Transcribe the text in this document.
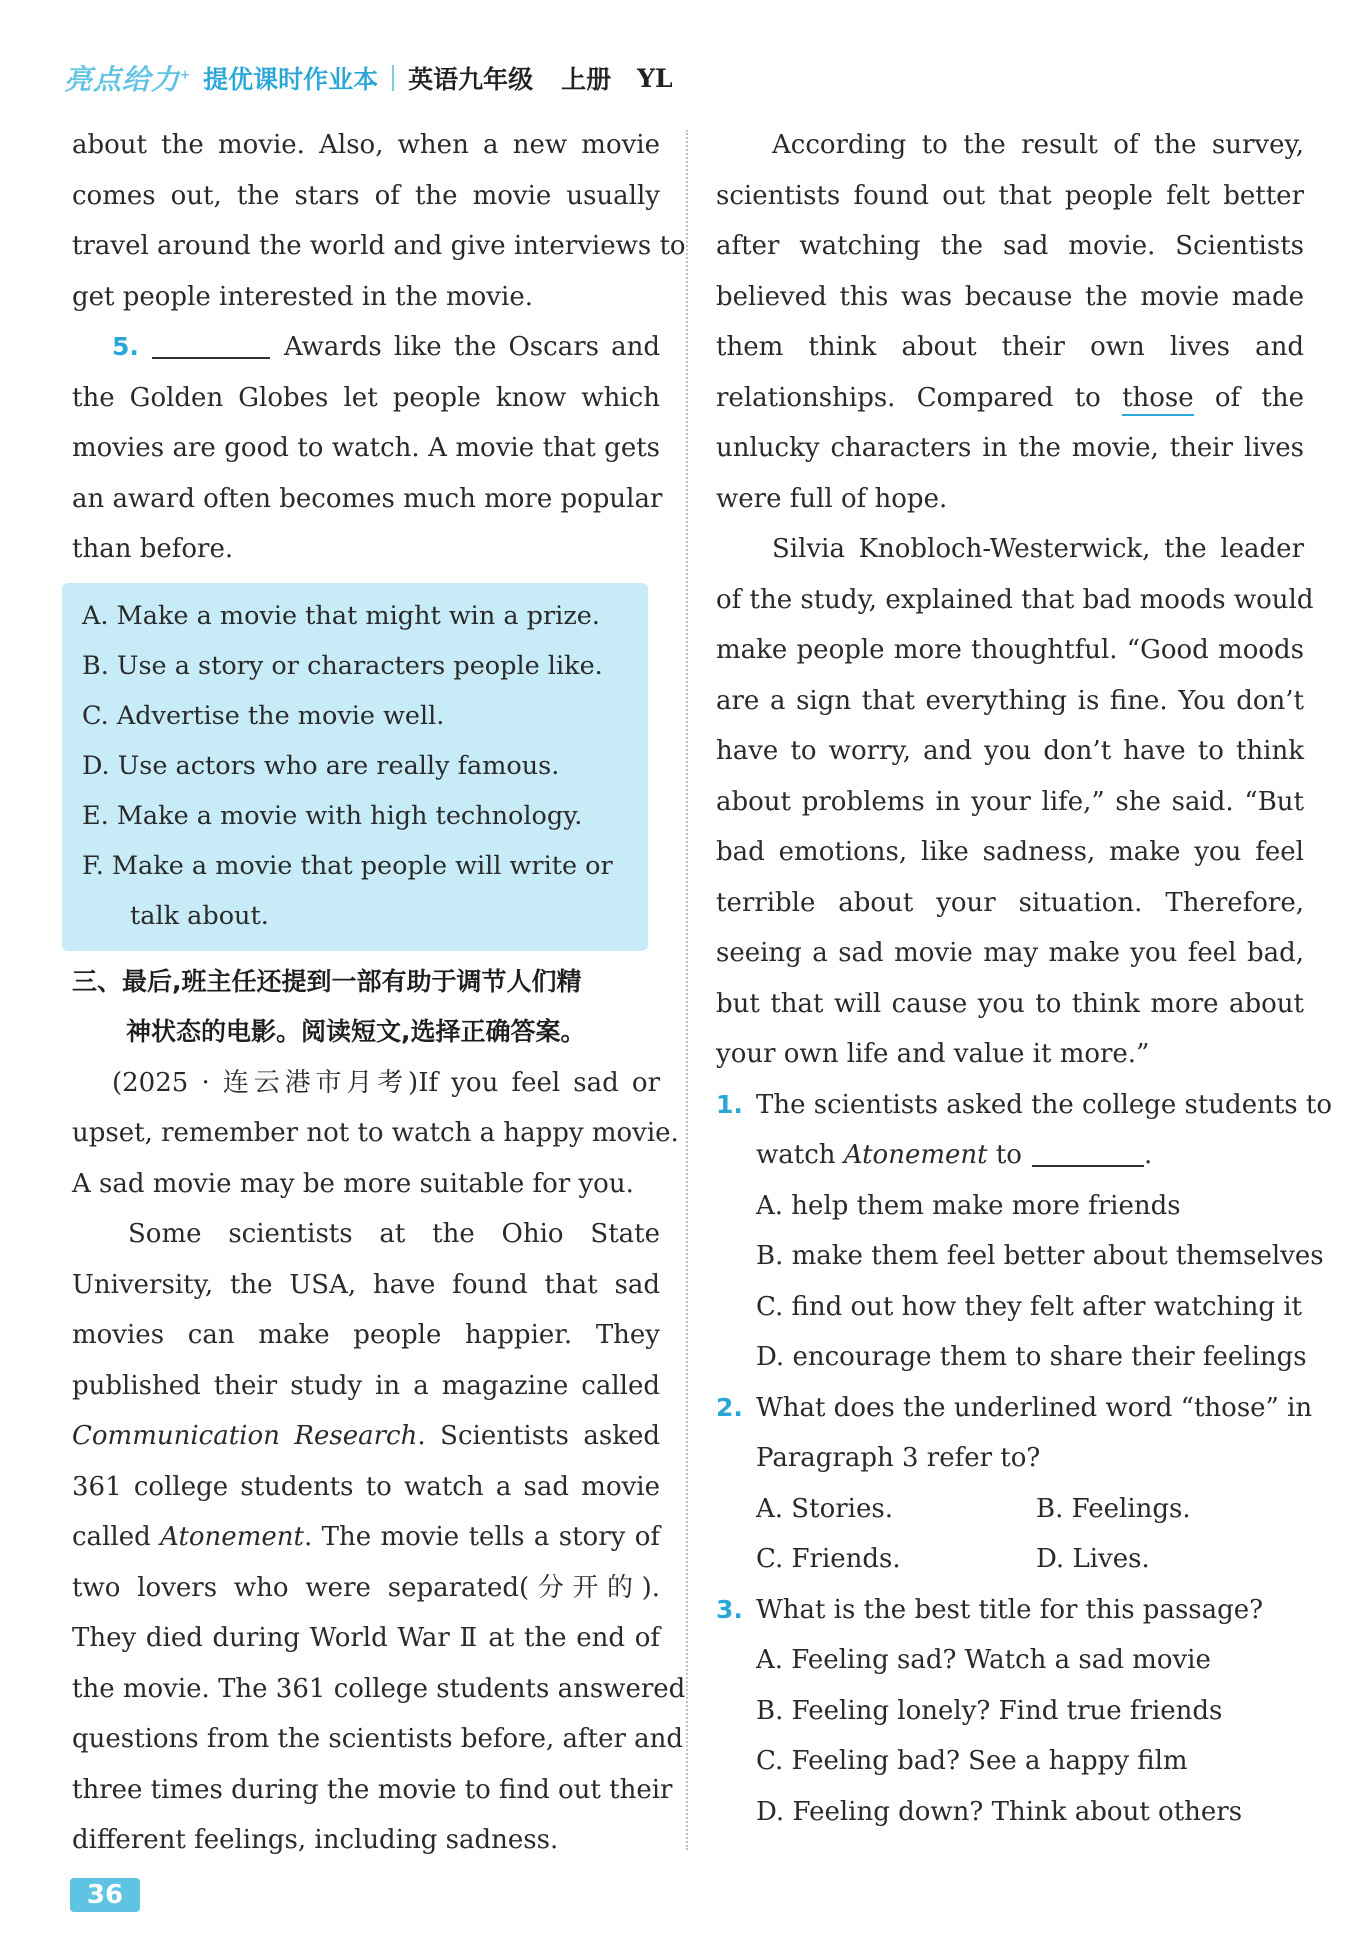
亮点给力+ 提优课时作业本 英语九年级 上册 YL
about the movie. Also, when a new movie
comes out, the stars of the movie usually
travel around the world and give interviews to
get people interested in the movie.
5.	Awards like the Oscars and
the Golden Globes let people know which
movies are good to watch. A movie that gets
an award often becomes much more popular
than before.
A. Make a movie that might win a prize.
B. Use a story or characters people like.
C. Advertise the movie well.
D. Use actors who are really famous.
E. Make a movie with high technology.
F. Make a movie that people will write or
talk about.
三、最后,班主任还提到一部有助于调节人们精
神状态的电影。阅读短文,选择正确答案。
(2025 · 连云港市月考)If you feel sad or
upset, remember not to watch a happy movie.
A sad movie may be more suitable for you.
Some scientists at the Ohio State
University, the USA, have found that sad
movies can make people happier. They
published their study in a magazine called
Communication Research. Scientists asked
361 college students to watch a sad movie
called Atonement. The movie tells a story of
two lovers who were separated(分开的).
They died during World War Ⅱ at the end of
the movie. The 361 college students answered
questions from the scientists before, after and
three times during the movie to find out their
different feelings, including sadness.
According to the result of the survey,
scientists found out that people felt better
after watching the sad movie. Scientists
believed this was because the movie made
them think about their own lives and
relationships. Compared to those of the
unlucky characters in the movie, their lives
were full of hope.
Silvia Knobloch-Westerwick, the leader
of the study, explained that bad moods would
make people more thoughtful. “Good moods
are a sign that everything is fine. You don’t
have to worry, and you don’t have to think
about problems in your life,” she said. “But
bad emotions, like sadness, make you feel
terrible about your situation. Therefore,
seeing a sad movie may make you feel bad,
but that will cause you to think more about
your own life and value it more.”
1. The scientists asked the college students to
watch Atonement to	.
A. help them make more friends
B. make them feel better about themselves
C. find out how they felt after watching it
D. encourage them to share their feelings
2. What does the underlined word “those” in
Paragraph 3 refer to?
A. Stories.	B. Feelings.
C. Friends.	D. Lives.
3. What is the best title for this passage?
A. Feeling sad? Watch a sad movie
B. Feeling lonely? Find true friends
C. Feeling bad? See a happy film
D. Feeling down? Think about others
36
